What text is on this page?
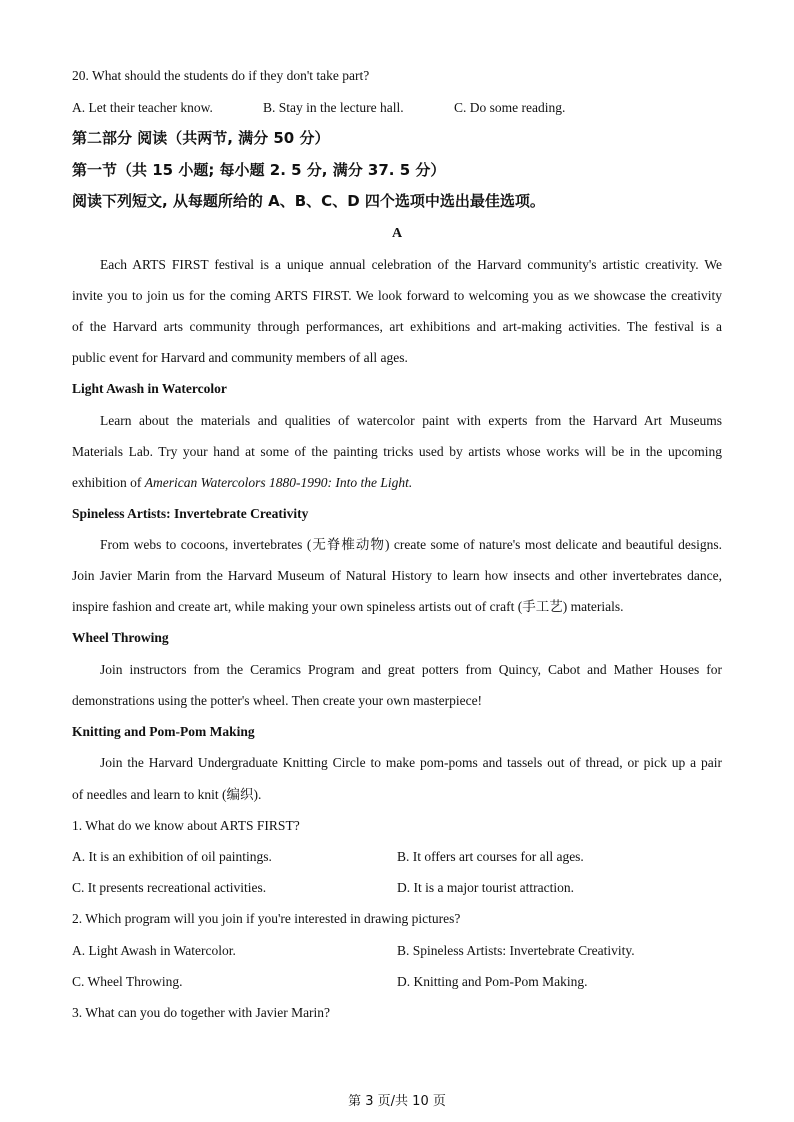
20. What should the students do if they don't take part?
A. Let their teacher know.	B. Stay in the lecture hall.	C. Do some reading.
第二部分 阅读（共两节, 满分 50 分）
第一节（共 15 小题; 每小题 2. 5 分, 满分 37. 5 分）
阅读下列短文, 从每题所给的 A、B、C、D 四个选项中选出最佳选项。
A
Each ARTS FIRST festival is a unique annual celebration of the Harvard community's artistic creativity. We
invite you to join us for the coming ARTS FIRST. We look forward to welcoming you as we showcase the creativity
of the Harvard arts community through performances, art exhibitions and art-making activities. The festival is a
public event for Harvard and community members of all ages.
Light Awash in Watercolor
Learn about the materials and qualities of watercolor paint with experts from the Harvard Art Museums
Materials Lab. Try your hand at some of the painting tricks used by artists whose works will be in the upcoming
exhibition of American Watercolors 1880-1990: Into the Light.
Spineless Artists: Invertebrate Creativity
From webs to cocoons, invertebrates (无脊椎动物) create some of nature's most delicate and beautiful designs.
Join Javier Marin from the Harvard Museum of Natural History to learn how insects and other invertebrates dance,
inspire fashion and create art, while making your own spineless artists out of craft (手工艺) materials.
Wheel Throwing
Join instructors from the Ceramics Program and great potters from Quincy, Cabot and Mather Houses for
demonstrations using the potter's wheel. Then create your own masterpiece!
Knitting and Pom-Pom Making
Join the Harvard Undergraduate Knitting Circle to make pom-poms and tassels out of thread, or pick up a pair
of needles and learn to knit (编织).
1. What do we know about ARTS FIRST?
A. It is an exhibition of oil paintings.	B. It offers art courses for all ages.
C. It presents recreational activities.	D. It is a major tourist attraction.
2. Which program will you join if you're interested in drawing pictures?
A. Light Awash in Watercolor.	B. Spineless Artists: Invertebrate Creativity.
C. Wheel Throwing.	D. Knitting and Pom-Pom Making.
3. What can you do together with Javier Marin?
第 3 页/共 10 页
